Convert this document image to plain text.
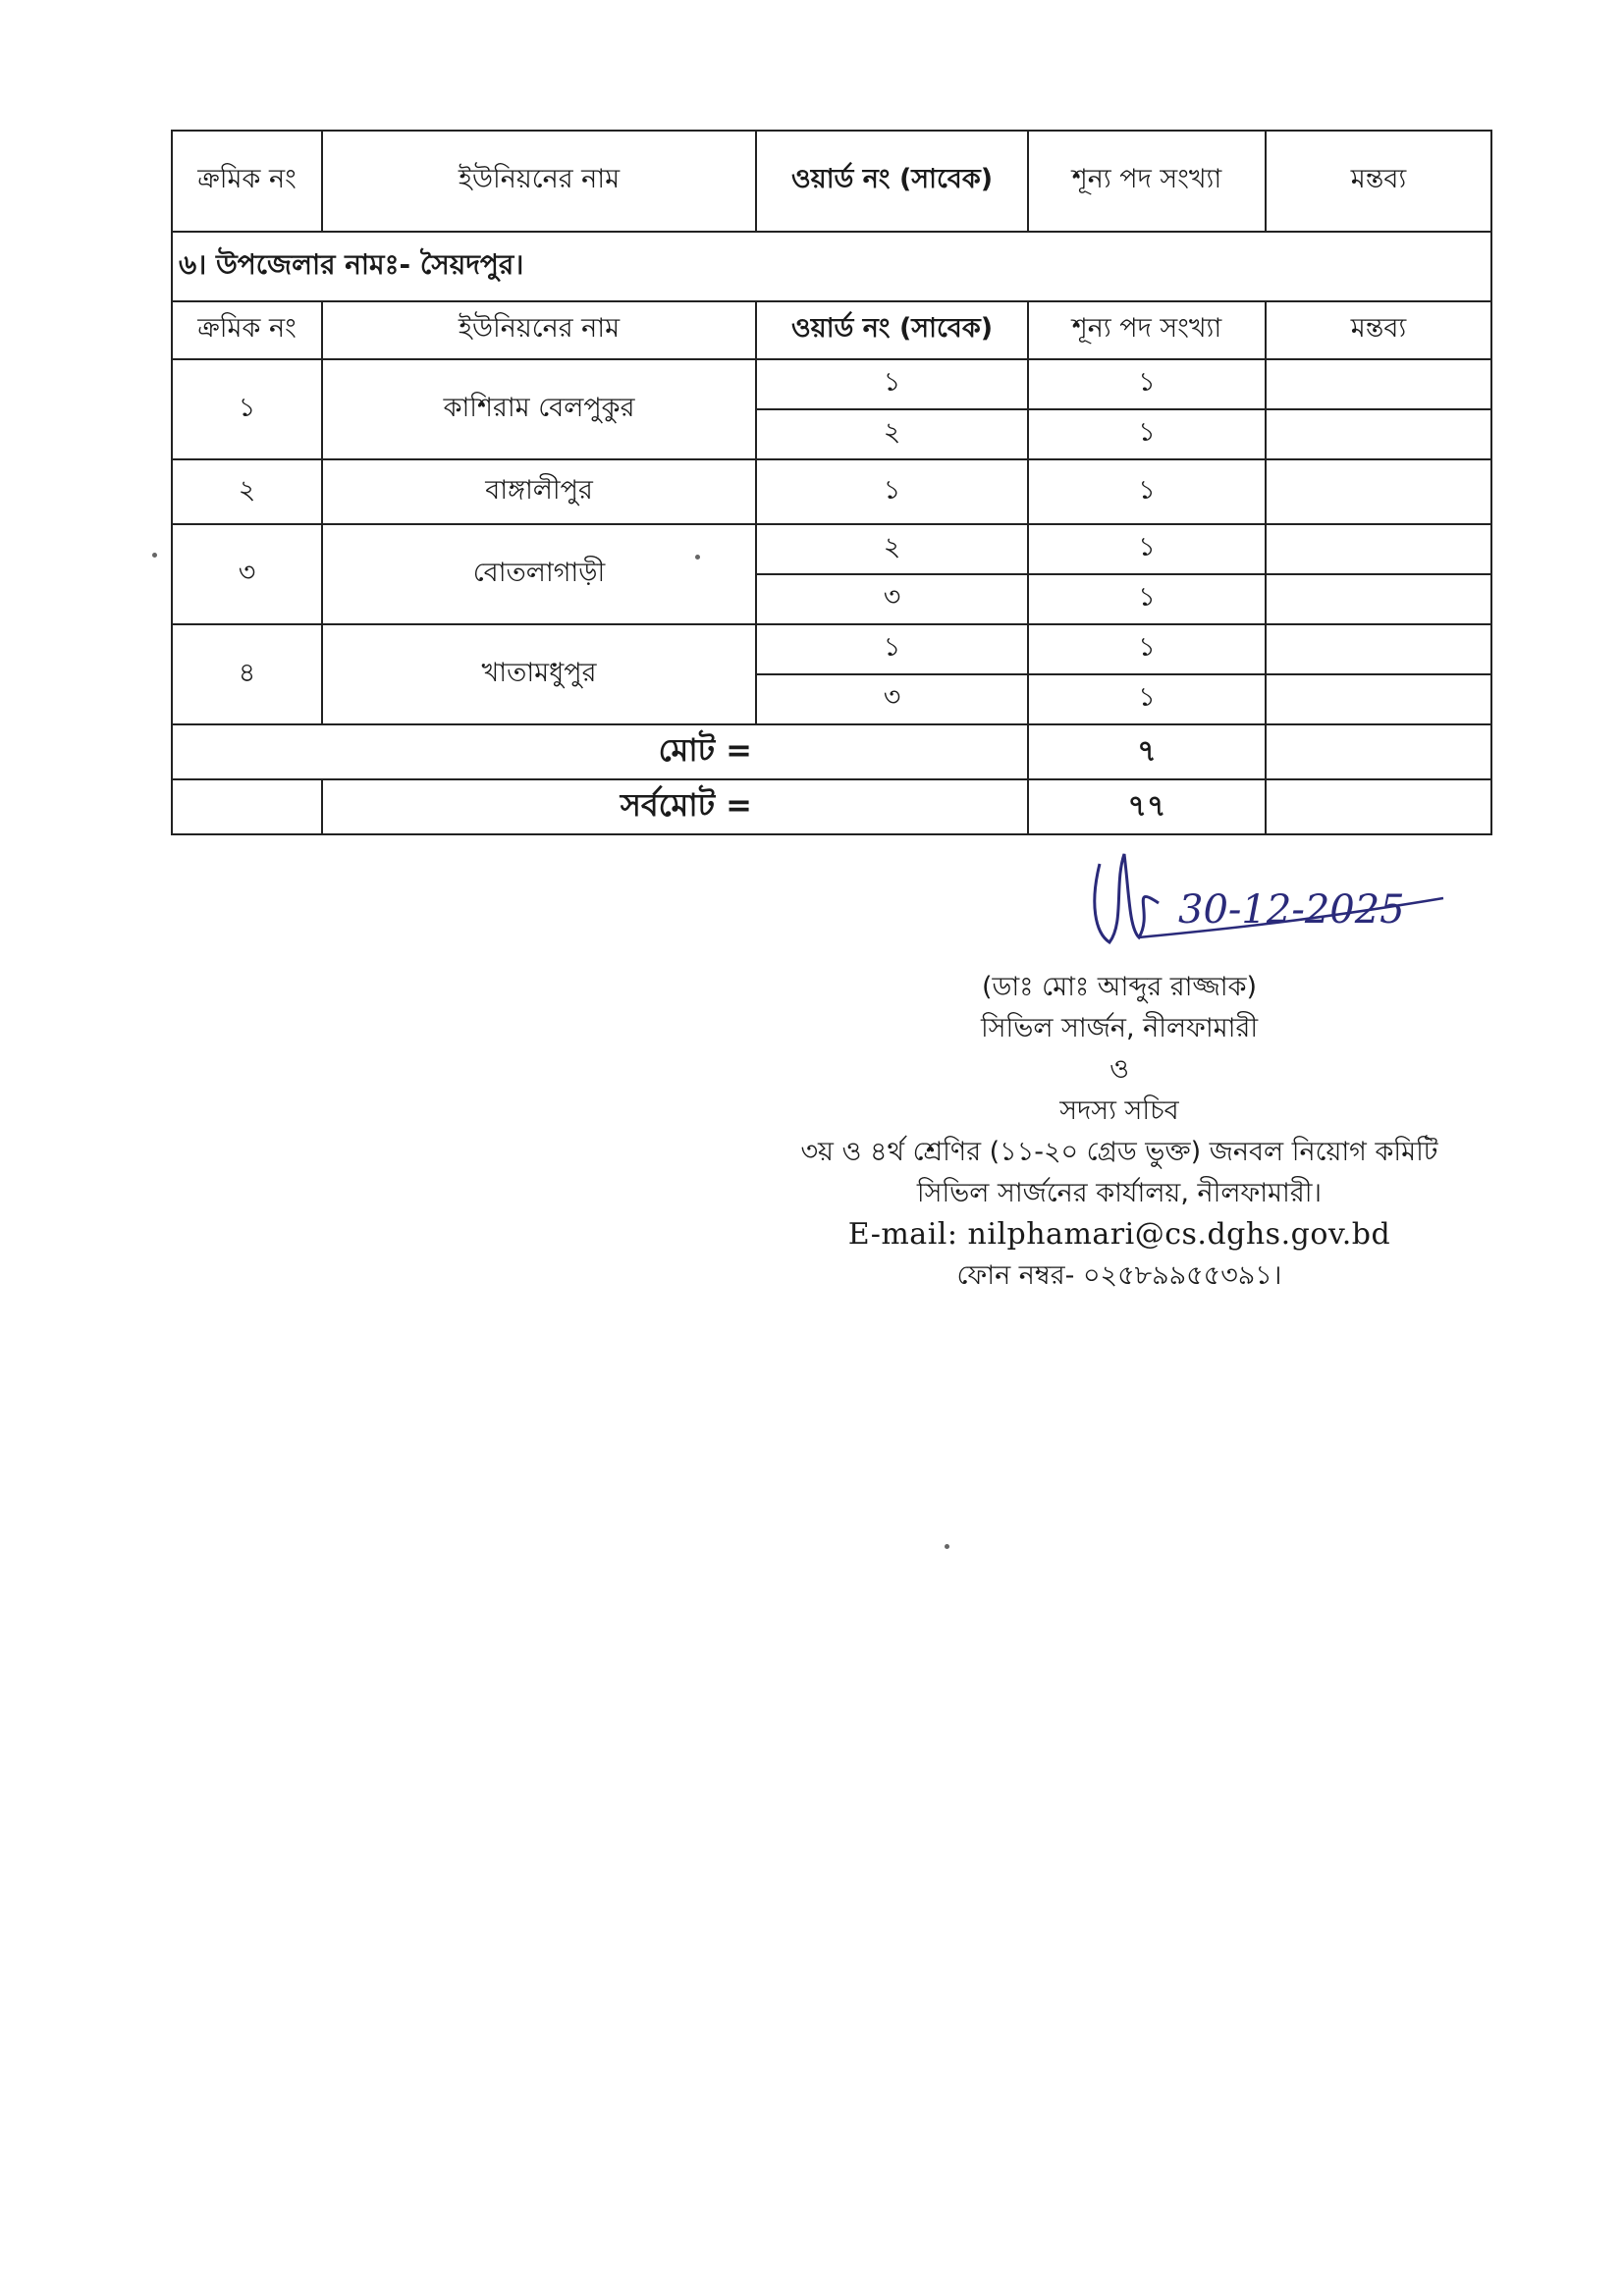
ক্রমিক নং	ইউনিয়নের নাম	ওয়ার্ড নং (সাবেক)	শূন্য পদ সংখ্যা	মন্তব্য
৬। উপজেলার নামঃ- সৈয়দপুর।				
ক্রমিক নং	ইউনিয়নের নাম	ওয়ার্ড নং (সাবেক)	শূন্য পদ সংখ্যা	মন্তব্য
১	কাশিরাম বেলপুকুর	১	১	
		২	১	
২	বাঙ্গালীপুর	১	১	
৩	বোতলাগাড়ী	২	১	
		৩	১	
৪	খাতামধুপুর	১	১	
		৩	১	
মোট =			৭	
	সর্বমোট =		৭৭	
30-12-2025
(ডাঃ মোঃ আব্দুর রাজ্জাক)
সিভিল সার্জন, নীলফামারী
ও
সদস্য সচিব
৩য় ও ৪র্থ শ্রেণির (১১-২০ গ্রেড ভুক্ত) জনবল নিয়োগ কমিটি
সিভিল সার্জনের কার্যালয়, নীলফামারী।
E-mail: nilphamari@cs.dghs.gov.bd
ফোন নম্বর- ০২৫৮৯৯৫৫৩৯১।
